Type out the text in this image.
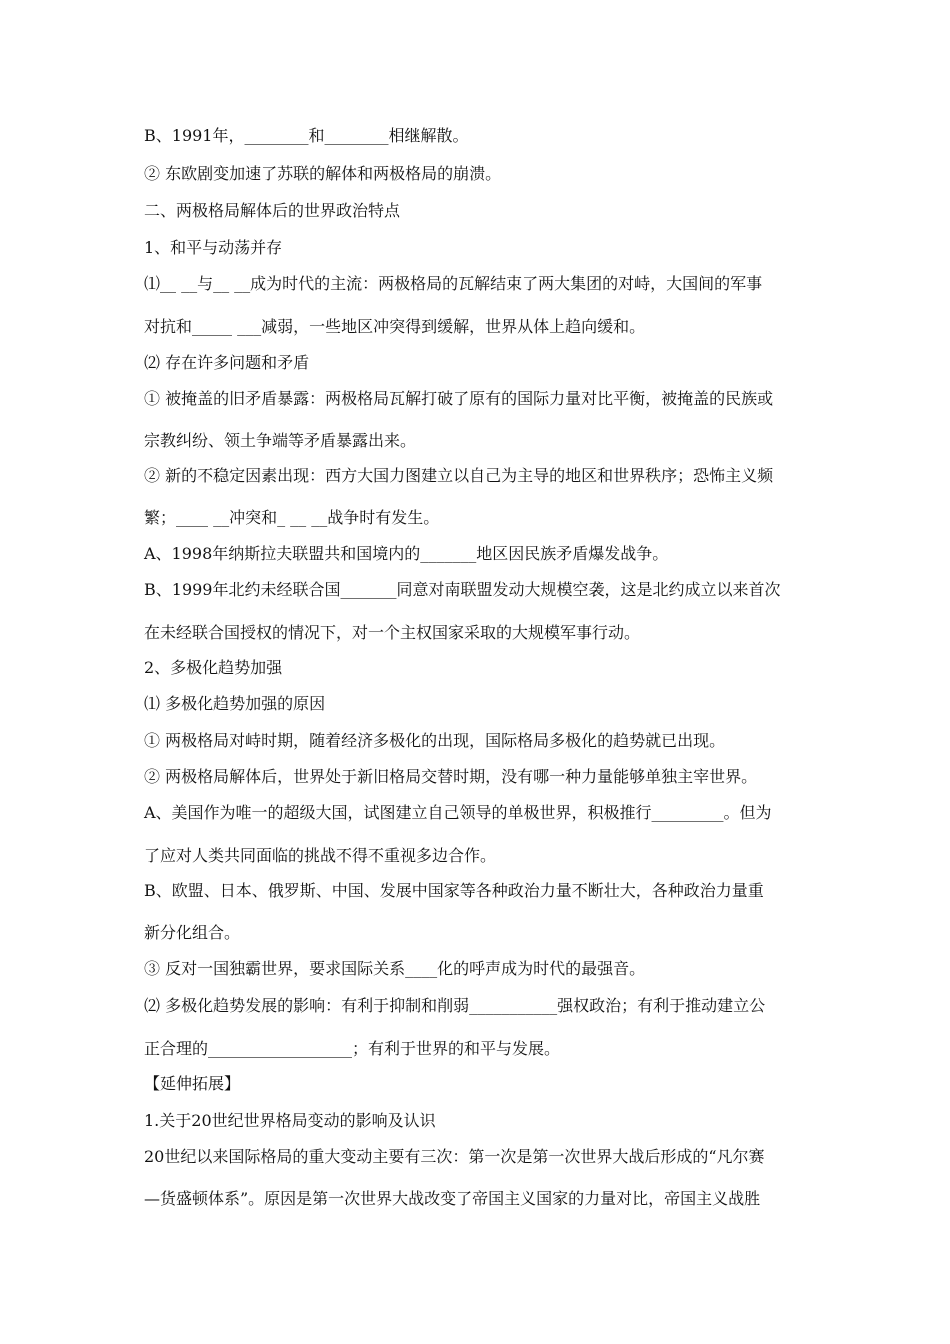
B、1991年，________和________相继解散。
② 东欧剧变加速了苏联的解体和两极格局的崩溃。
二、两极格局解体后的世界政治特点
1、和平与动荡并存
⑴__ __与__ __成为时代的主流：两极格局的瓦解结束了两大集团的对峙，大国间的军事
对抗和_____ ___减弱，一些地区冲突得到缓解，世界从体上趋向缓和。
⑵ 存在许多问题和矛盾
① 被掩盖的旧矛盾暴露：两极格局瓦解打破了原有的国际力量对比平衡，被掩盖的民族或
宗教纠纷、领土争端等矛盾暴露出来。
② 新的不稳定因素出现：西方大国力图建立以自己为主导的地区和世界秩序；恐怖主义频
繁；____ __冲突和_ __ __战争时有发生。
A、1998年纳斯拉夫联盟共和国境内的_______地区因民族矛盾爆发战争。
B、1999年北约未经联合国_______同意对南联盟发动大规模空袭，这是北约成立以来首次
在未经联合国授权的情况下，对一个主权国家采取的大规模军事行动。
2、多极化趋势加强
⑴ 多极化趋势加强的原因
① 两极格局对峙时期，随着经济多极化的出现，国际格局多极化的趋势就已出现。
② 两极格局解体后，世界处于新旧格局交替时期，没有哪一种力量能够单独主宰世界。
A、美国作为唯一的超级大国，试图建立自己领导的单极世界，积极推行_________。但为
了应对人类共同面临的挑战不得不重视多边合作。
B、欧盟、日本、俄罗斯、中国、发展中国家等各种政治力量不断壮大，各种政治力量重
新分化组合。
③ 反对一国独霸世界，要求国际关系____化的呼声成为时代的最强音。
⑵ 多极化趋势发展的影响：有利于抑制和削弱___________强权政治；有利于推动建立公
正合理的__________________；有利于世界的和平与发展。
【延伸拓展】
1.关于20世纪世界格局变动的影响及认识
20世纪以来国际格局的重大变动主要有三次：第一次是第一次世界大战后形成的“凡尔赛
—货盛顿体系”。原因是第一次世界大战改变了帝国主义国家的力量对比，帝国主义战胜
